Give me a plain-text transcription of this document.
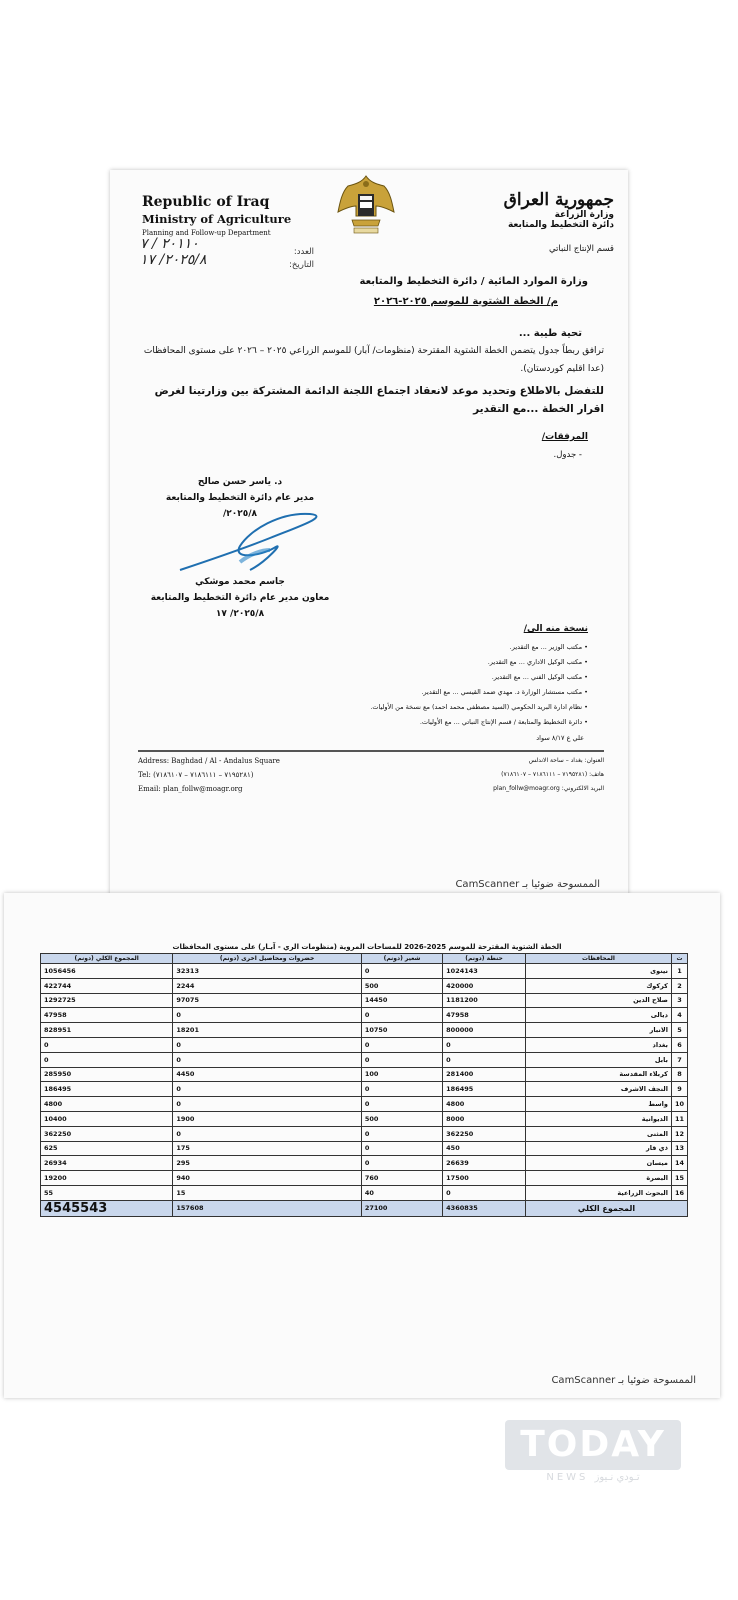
Republic of Iraq
Ministry of Agriculture
Planning and Follow-up Department
جمهورية العراق
وزارة الزراعة
دائرة التخطيط والمتابعة
قسم الإنتاج النباتي
٢٠١١٠ / ٧
٢٠٢٥/٨/ ١٧	العدد:
التاريخ:
وزارة الموارد المائية / دائرة التخطيط والمتابعة
م/ الخطة الشتوية للموسم ٢٠٢٥-٢٠٢٦
تحية طيبة ...
ترافق ربطاً جدول يتضمن الخطة الشتوية المقترحة (منظومات/ آبار) للموسم الزراعي ٢٠٢٥ – ٢٠٢٦ على مستوى المحافظات (عدا اقليم كوردستان).
للتفضل بالاطلاع وتحديد موعد لانعقاد اجتماع اللجنة الدائمة المشتركة بين وزارتينا لغرض اقرار الخطة ...مع التقدير
المرفقات/
- جدول.
د. ياسر حسن صالح
مدير عام دائرة التخطيط والمتابعة
٢٠٢٥/٨/
جاسم محمد موشكي
معاون مدير عام دائرة التخطيط والمتابعة
٢٠٢٥/٨/ ١٧
نسخة منه الى/
• مكتب الوزير ... مع التقدير.
• مكتب الوكيل الاداري ... مع التقدير.
• مكتب الوكيل الفني ... مع التقدير.
• مكتب مستشار الوزارة د. مهدي ضمد القيسي ... مع التقدير.
• نظام ادارة البريد الحكومي (السيد مصطفى محمد احمد) مع نسخة من الأوليات.
• دائرة التخطيط والمتابعة / قسم الإنتاج النباتي ... مع الأوليات.
علي ع ٨/١٧ سواد
Address: Baghdad / Al - Andalus Square
Tel: (٧١٩٥٢٨١ – ٧١٨٦١١١ – ٧١٨٦١٠٧)
Email: plan_follw@moagr.org
العنوان: بغداد – ساحة الاندلس
هاتف: (٧١٩٥٢٨١ – ٧١٨٦١١١ – ٧١٨٦١٠٧)
البريد الالكتروني: plan_follw@moagr.org
الممسوحة ضوئيا بـ CamScanner
الخطة الشتوية المقترحة للموسم 2025-2026 للمساحات المروية (منظومات الري - آبـار) على مستوى المحافظات
ت	المحافظات	حنطة (دونم)	شعير (دونم)	خضروات ومحاصيل اخرى (دونم)	المجموع الكلي (دونم)
1	نينوى	1024143	0	32313	1056456
2	كركوك	420000	500	2244	422744
3	صلاح الدين	1181200	14450	97075	1292725
4	ديالى	47958	0	0	47958
5	الانبار	800000	10750	18201	828951
6	بغداد	0	0	0	0
7	بابل	0	0	0	0
8	كربلاء المقدسة	281400	100	4450	285950
9	النجف الاشرف	186495	0	0	186495
10	واسط	4800	0	0	4800
11	الديوانية	8000	500	1900	10400
12	المثنى	362250	0	0	362250
13	ذي قار	450	0	175	625
14	ميسان	26639	0	295	26934
15	البصرة	17500	760	940	19200
16	البحوث الزراعية	0	40	15	55
المجموع الكلي		4360835	27100	157608	4545543
الممسوحة ضوئيا بـ CamScanner
TODAY
NEWS تـودي نـيوز
